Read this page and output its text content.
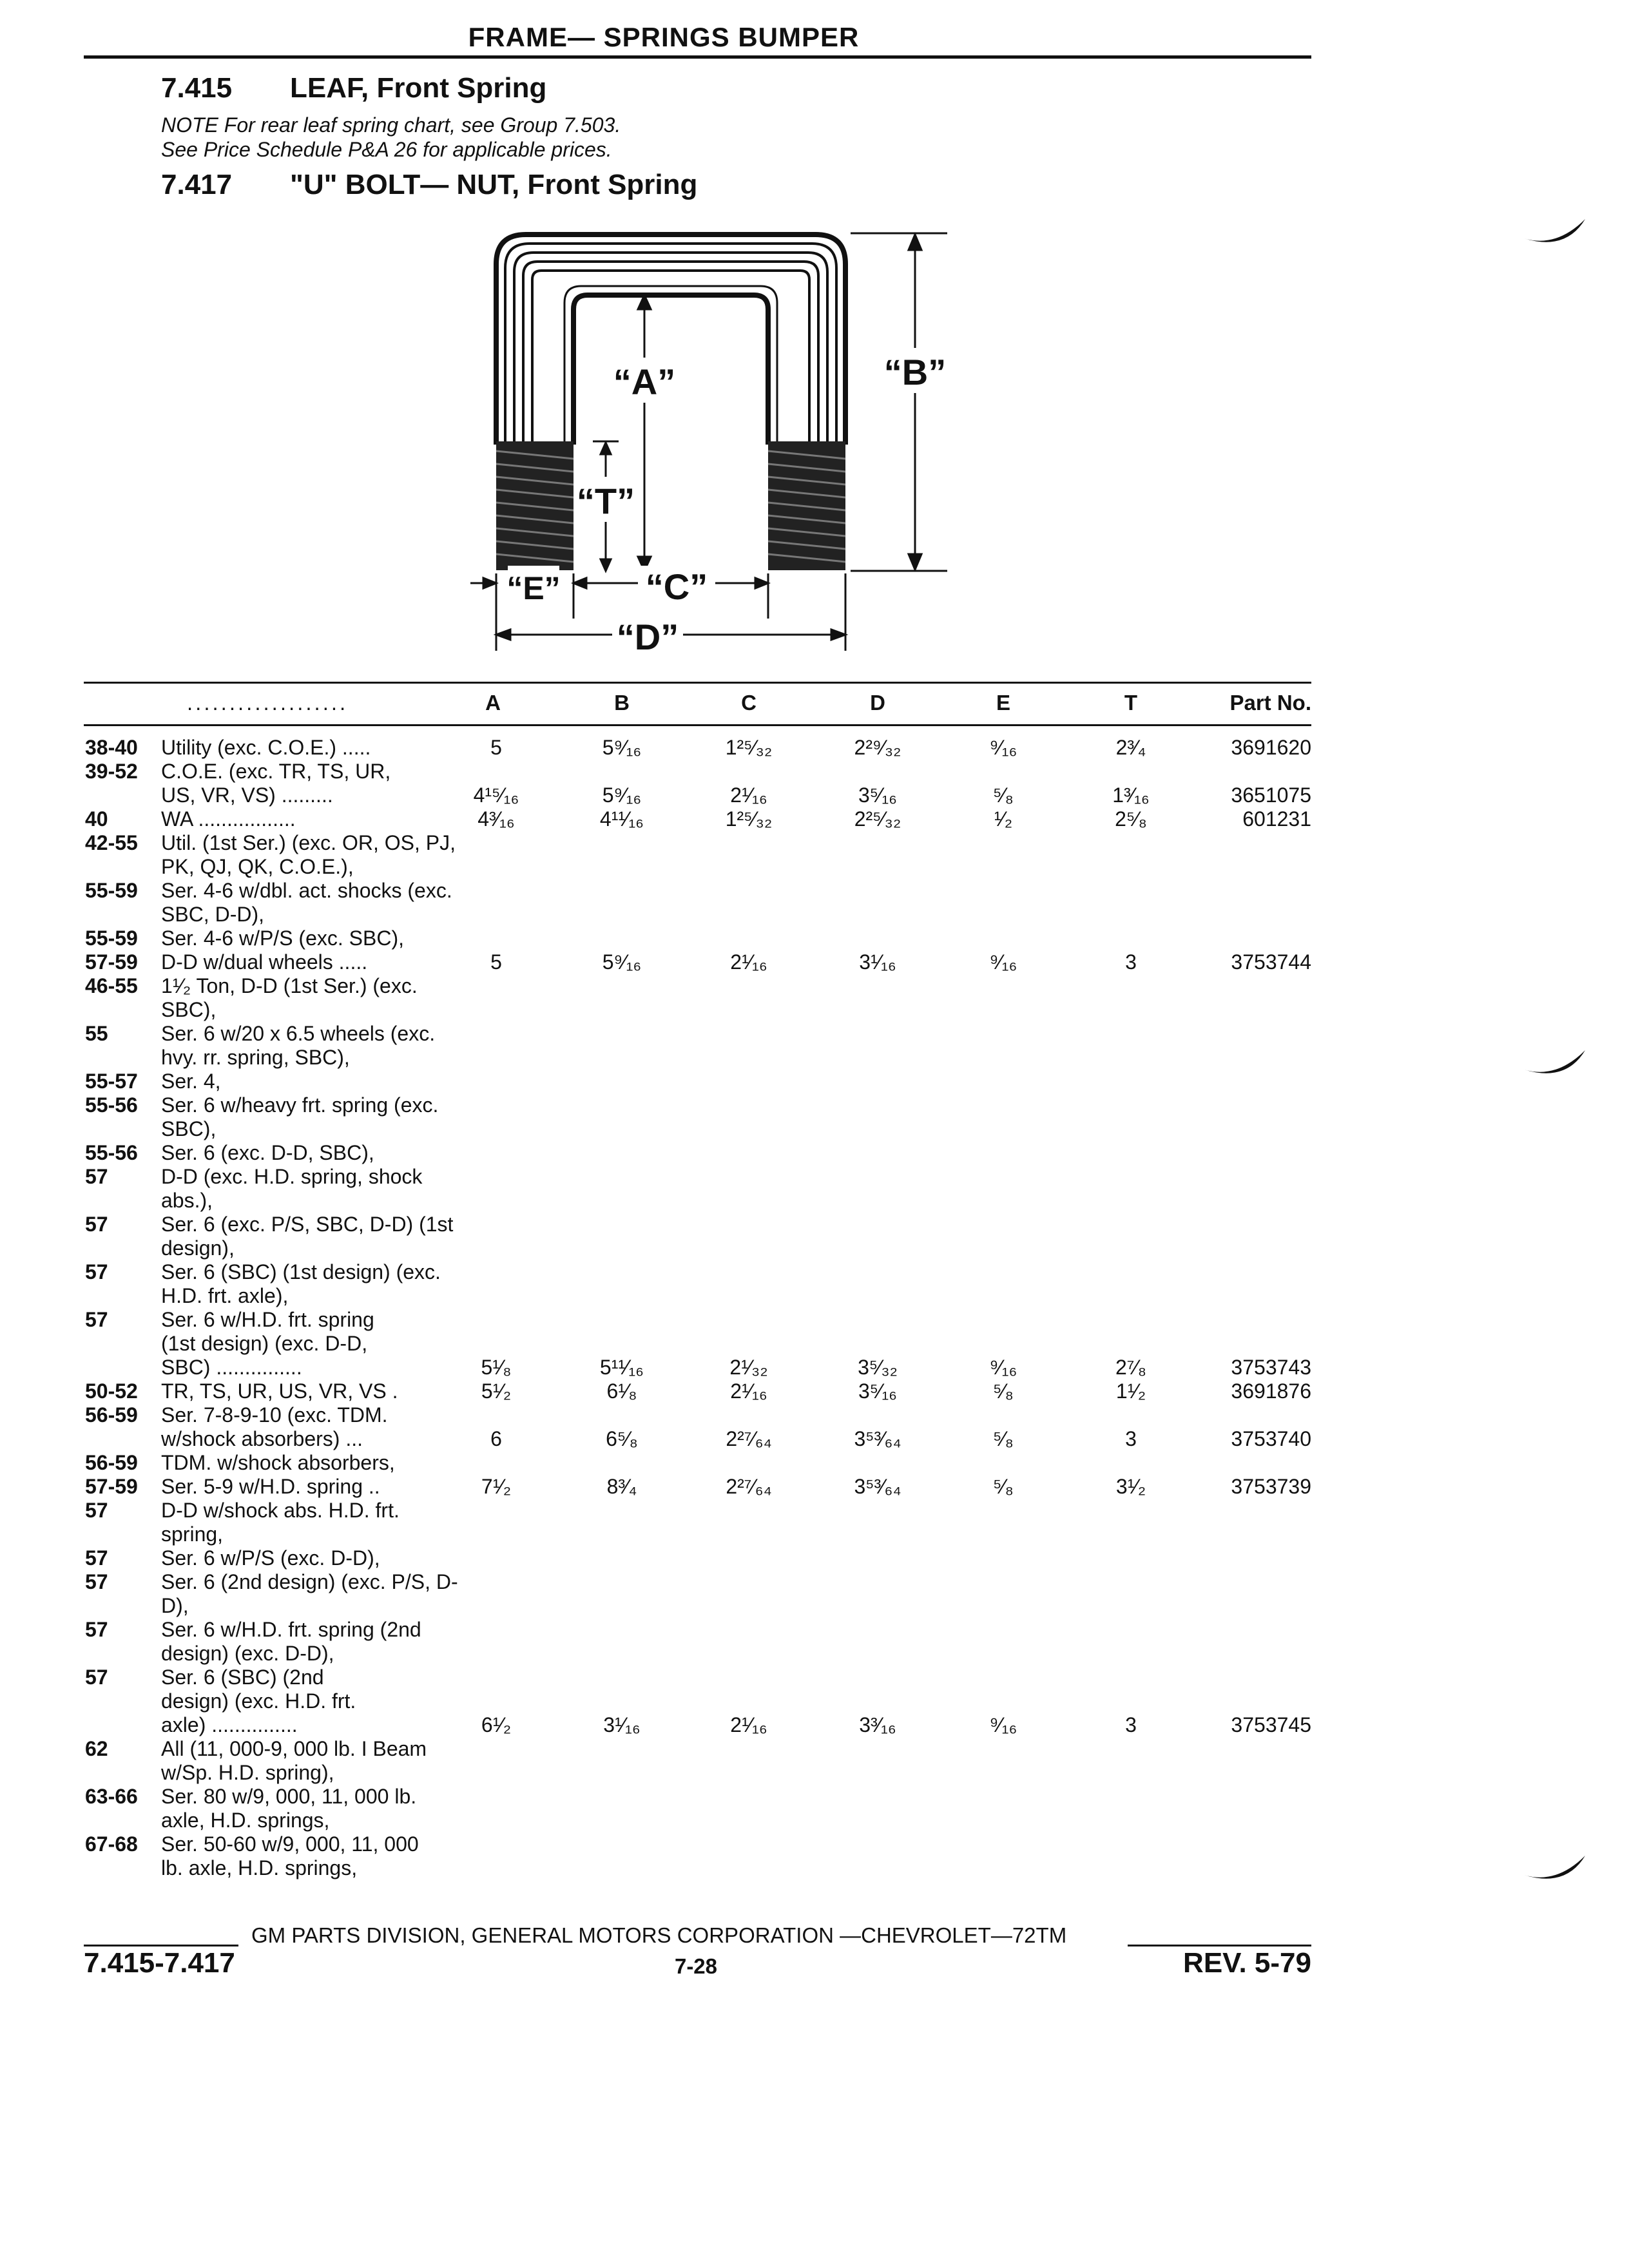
FRAME— SPRINGS BUMPER
7.415 LEAF, Front Spring
NOTE For rear leaf spring chart, see Group 7.503.
See Price Schedule P&A 26 for applicable prices.
7.417 "U" BOLT— NUT, Front Spring
“A”
“T”
“B”
“C”
“D”
“E”
...................	A	B	C	D	E	T	Part No.
38-40 Utility (exc. C.O.E.) .....	5	5⁹⁄₁₆	1²⁵⁄₃₂	2²⁹⁄₃₂	⁹⁄₁₆	2³⁄₄	3691620
39-52 C.O.E. (exc. TR, TS, UR,
US, VR, VS) .........	4¹⁵⁄₁₆	5⁹⁄₁₆	2¹⁄₁₆	3⁵⁄₁₆	⁵⁄₈	1³⁄₁₆	3651075
40	WA .................	4³⁄₁₆	4¹¹⁄₁₆	1²⁵⁄₃₂	2²⁵⁄₃₂	¹⁄₂	2⁵⁄₈	601231
42-55 Util. (1st Ser.) (exc. OR, OS, PJ,
PK, QJ, QK, C.O.E.),
55-59 Ser. 4-6 w/dbl. act. shocks (exc.
SBC, D-D),
55-59 Ser. 4-6 w/P/S (exc. SBC),
57-59 D-D w/dual wheels .....	5	5⁹⁄₁₆	2¹⁄₁₆	3¹⁄₁₆	⁹⁄₁₆	3	3753744
46-55 1¹⁄₂ Ton, D-D (1st Ser.) (exc.
SBC),
55	Ser. 6 w/20 x 6.5 wheels (exc.
hvy. rr. spring, SBC),
55-57 Ser. 4,
55-56 Ser. 6 w/heavy frt. spring (exc.
SBC),
55-56 Ser. 6 (exc. D-D, SBC),
57	D-D (exc. H.D. spring, shock
abs.),
57	Ser. 6 (exc. P/S, SBC, D-D) (1st
design),
57	Ser. 6 (SBC) (1st design) (exc.
H.D. frt. axle),
57	Ser. 6 w/H.D. frt. spring
(1st design) (exc. D-D,
SBC) ...............	5¹⁄₈	5¹¹⁄₁₆	2¹⁄₃₂	3⁵⁄₃₂	⁹⁄₁₆	2⁷⁄₈	3753743
50-52 TR, TS, UR, US, VR, VS .	5¹⁄₂	6¹⁄₈	2¹⁄₁₆	3⁵⁄₁₆	⁵⁄₈	1¹⁄₂	3691876
56-59 Ser. 7-8-9-10 (exc. TDM.
w/shock absorbers) ...	6	6⁵⁄₈	2²⁷⁄₆₄	3⁵³⁄₆₄	⁵⁄₈	3	3753740
56-59 TDM. w/shock absorbers,
57-59 Ser. 5-9 w/H.D. spring ..	7¹⁄₂	8³⁄₄	2²⁷⁄₆₄	3⁵³⁄₆₄	⁵⁄₈	3¹⁄₂	3753739
57	D-D w/shock abs. H.D. frt.
spring,
57	Ser. 6 w/P/S (exc. D-D),
57	Ser. 6 (2nd design) (exc. P/S, D-
D),
57	Ser. 6 w/H.D. frt. spring (2nd
design) (exc. D-D),
57	Ser. 6 (SBC) (2nd
design) (exc. H.D. frt.
axle) ...............	6¹⁄₂	3¹⁄₁₆	2¹⁄₁₆	3³⁄₁₆	⁹⁄₁₆	3	3753745
62	All (11, 000-9, 000 lb. I Beam
w/Sp. H.D. spring),
63-66 Ser. 80 w/9, 000, 11, 000 lb.
axle, H.D. springs,
67-68 Ser. 50-60 w/9, 000, 11, 000
lb. axle, H.D. springs,
GM PARTS DIVISION, GENERAL MOTORS CORPORATION —CHEVROLET—72TM
7.415-7.417	7-28	REV. 5-79
